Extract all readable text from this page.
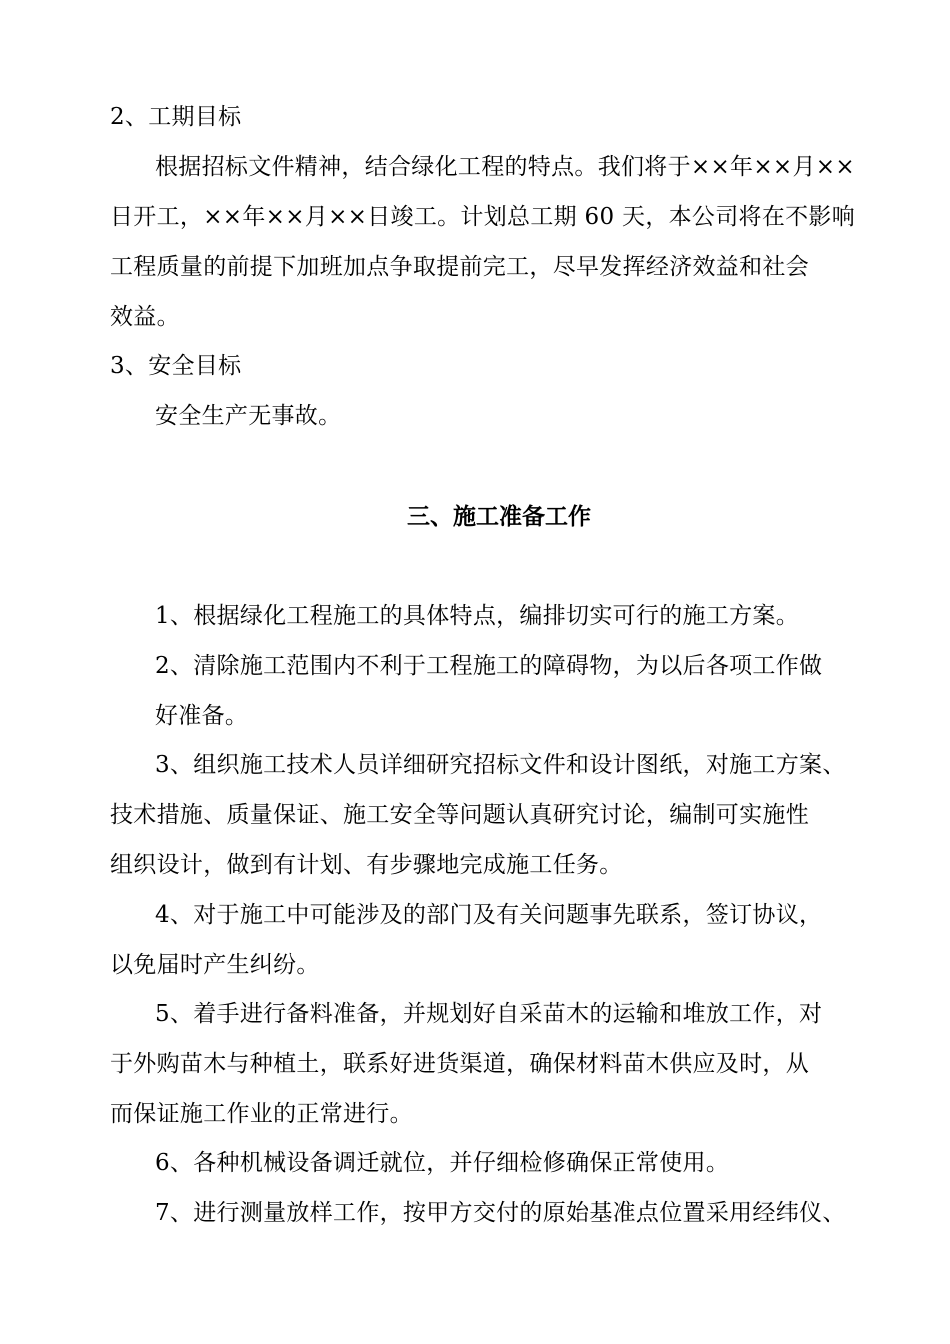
2、工期目标
根据招标文件精神，结合绿化工程的特点。我们将于××年××月××
日开工，××年××月××日竣工。计划总工期 60 天，本公司将在不影响
工程质量的前提下加班加点争取提前完工，尽早发挥经济效益和社会
效益。
3、安全目标
安全生产无事故。
三、施工准备工作
1、根据绿化工程施工的具体特点，编排切实可行的施工方案。
2、清除施工范围内不利于工程施工的障碍物，为以后各项工作做
好准备。
3、组织施工技术人员详细研究招标文件和设计图纸，对施工方案、
技术措施、质量保证、施工安全等问题认真研究讨论，编制可实施性
组织设计，做到有计划、有步骤地完成施工任务。
4、对于施工中可能涉及的部门及有关问题事先联系，签订协议，
以免届时产生纠纷。
5、着手进行备料准备，并规划好自采苗木的运输和堆放工作，对
于外购苗木与种植土，联系好进货渠道，确保材料苗木供应及时，从
而保证施工作业的正常进行。
6、各种机械设备调迁就位，并仔细检修确保正常使用。
7、进行测量放样工作，按甲方交付的原始基准点位置采用经纬仪、
